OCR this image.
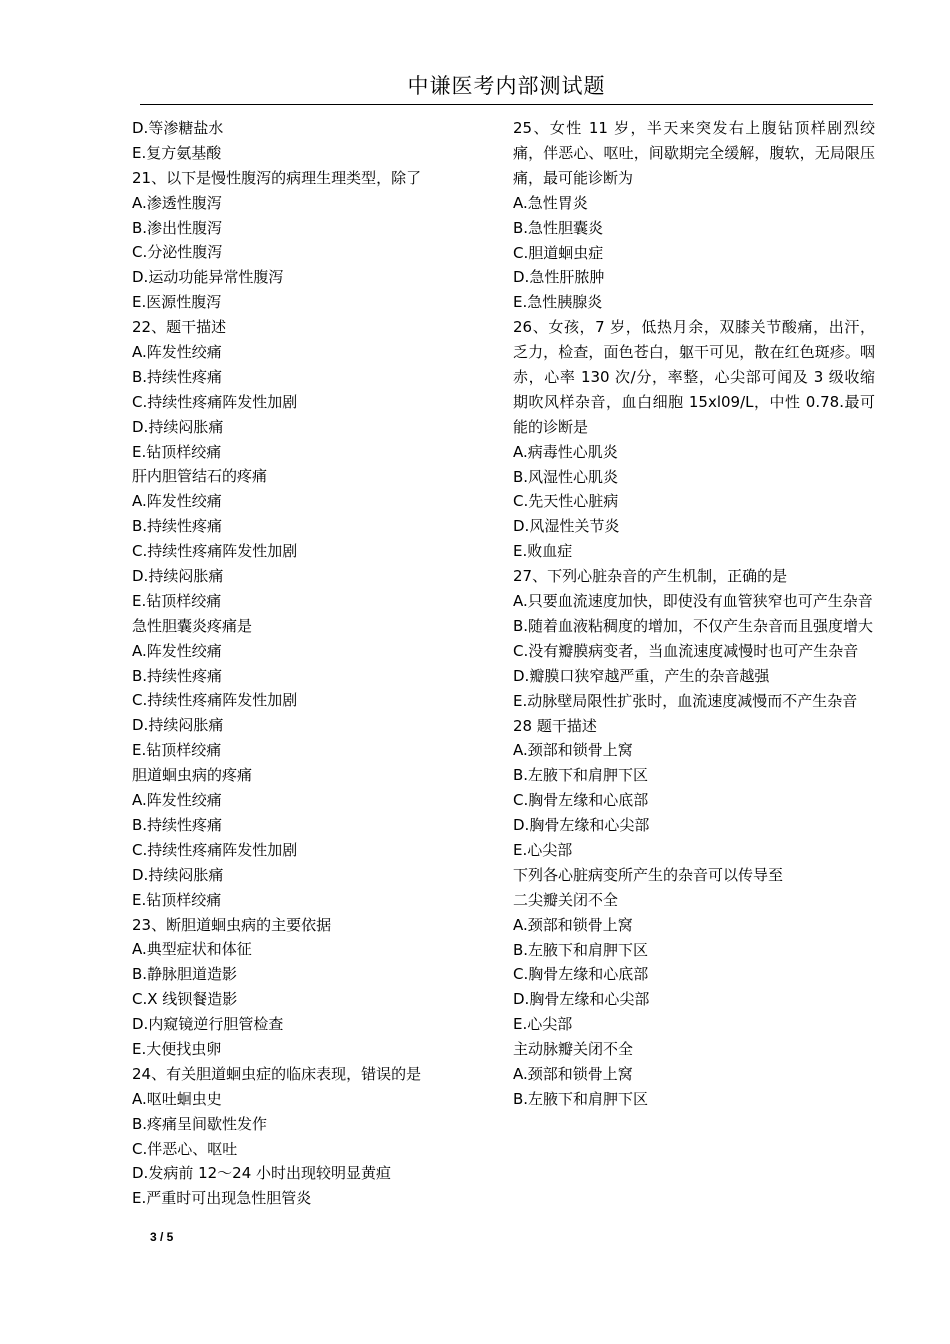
中谦医考内部测试题
D.等渗糖盐水
E.复方氨基酸
21、以下是慢性腹泻的病理生理类型，除了
A.渗透性腹泻
B.渗出性腹泻
C.分泌性腹泻
D.运动功能异常性腹泻
E.医源性腹泻
22、题干描述
A.阵发性绞痛
B.持续性疼痛
C.持续性疼痛阵发性加剧
D.持续闷胀痛
E.钻顶样绞痛
肝内胆管结石的疼痛
A.阵发性绞痛
B.持续性疼痛
C.持续性疼痛阵发性加剧
D.持续闷胀痛
E.钻顶样绞痛
急性胆囊炎疼痛是
A.阵发性绞痛
B.持续性疼痛
C.持续性疼痛阵发性加剧
D.持续闷胀痛
E.钻顶样绞痛
胆道蛔虫病的疼痛
A.阵发性绞痛
B.持续性疼痛
C.持续性疼痛阵发性加剧
D.持续闷胀痛
E.钻顶样绞痛
23、断胆道蛔虫病的主要依据
A.典型症状和体征
B.静脉胆道造影
C.X 线钡餐造影
D.内窥镜逆行胆管检查
E.大便找虫卵
24、有关胆道蛔虫症的临床表现，错误的是
A.呕吐蛔虫史
B.疼痛呈间歇性发作
C.伴恶心、呕吐
D.发病前 12～24 小时出现较明显黄疸
E.严重时可出现急性胆管炎
25、女性 11 岁，半天来突发右上腹钻顶样剧烈绞痛，伴恶心、呕吐，间歇期完全缓解，腹软，无局限压痛，最可能诊断为
A.急性胃炎
B.急性胆囊炎
C.胆道蛔虫症
D.急性肝脓肿
E.急性胰腺炎
26、女孩，7 岁，低热月余，双膝关节酸痛，出汗，乏力，检查，面色苍白，躯干可见，散在红色斑疹。咽赤，心率 130 次/分，率整，心尖部可闻及 3 级收缩期吹风样杂音，血白细胞 15xl09/L，中性 0.78.最可能的诊断是
A.病毒性心肌炎
B.风湿性心肌炎
C.先天性心脏病
D.风湿性关节炎
E.败血症
27、下列心脏杂音的产生机制，正确的是
A.只要血流速度加快，即使没有血管狭窄也可产生杂音
B.随着血液粘稠度的增加，不仅产生杂音而且强度增大
C.没有瓣膜病变者，当血流速度减慢时也可产生杂音
D.瓣膜口狭窄越严重，产生的杂音越强
E.动脉壁局限性扩张时，血流速度减慢而不产生杂音
28 题干描述
A.颈部和锁骨上窝
B.左腋下和肩胛下区
C.胸骨左缘和心底部
D.胸骨左缘和心尖部
E.心尖部
下列各心脏病变所产生的杂音可以传导至
二尖瓣关闭不全
A.颈部和锁骨上窝
B.左腋下和肩胛下区
C.胸骨左缘和心底部
D.胸骨左缘和心尖部
E.心尖部
主动脉瓣关闭不全
A.颈部和锁骨上窝
B.左腋下和肩胛下区
3 / 5
